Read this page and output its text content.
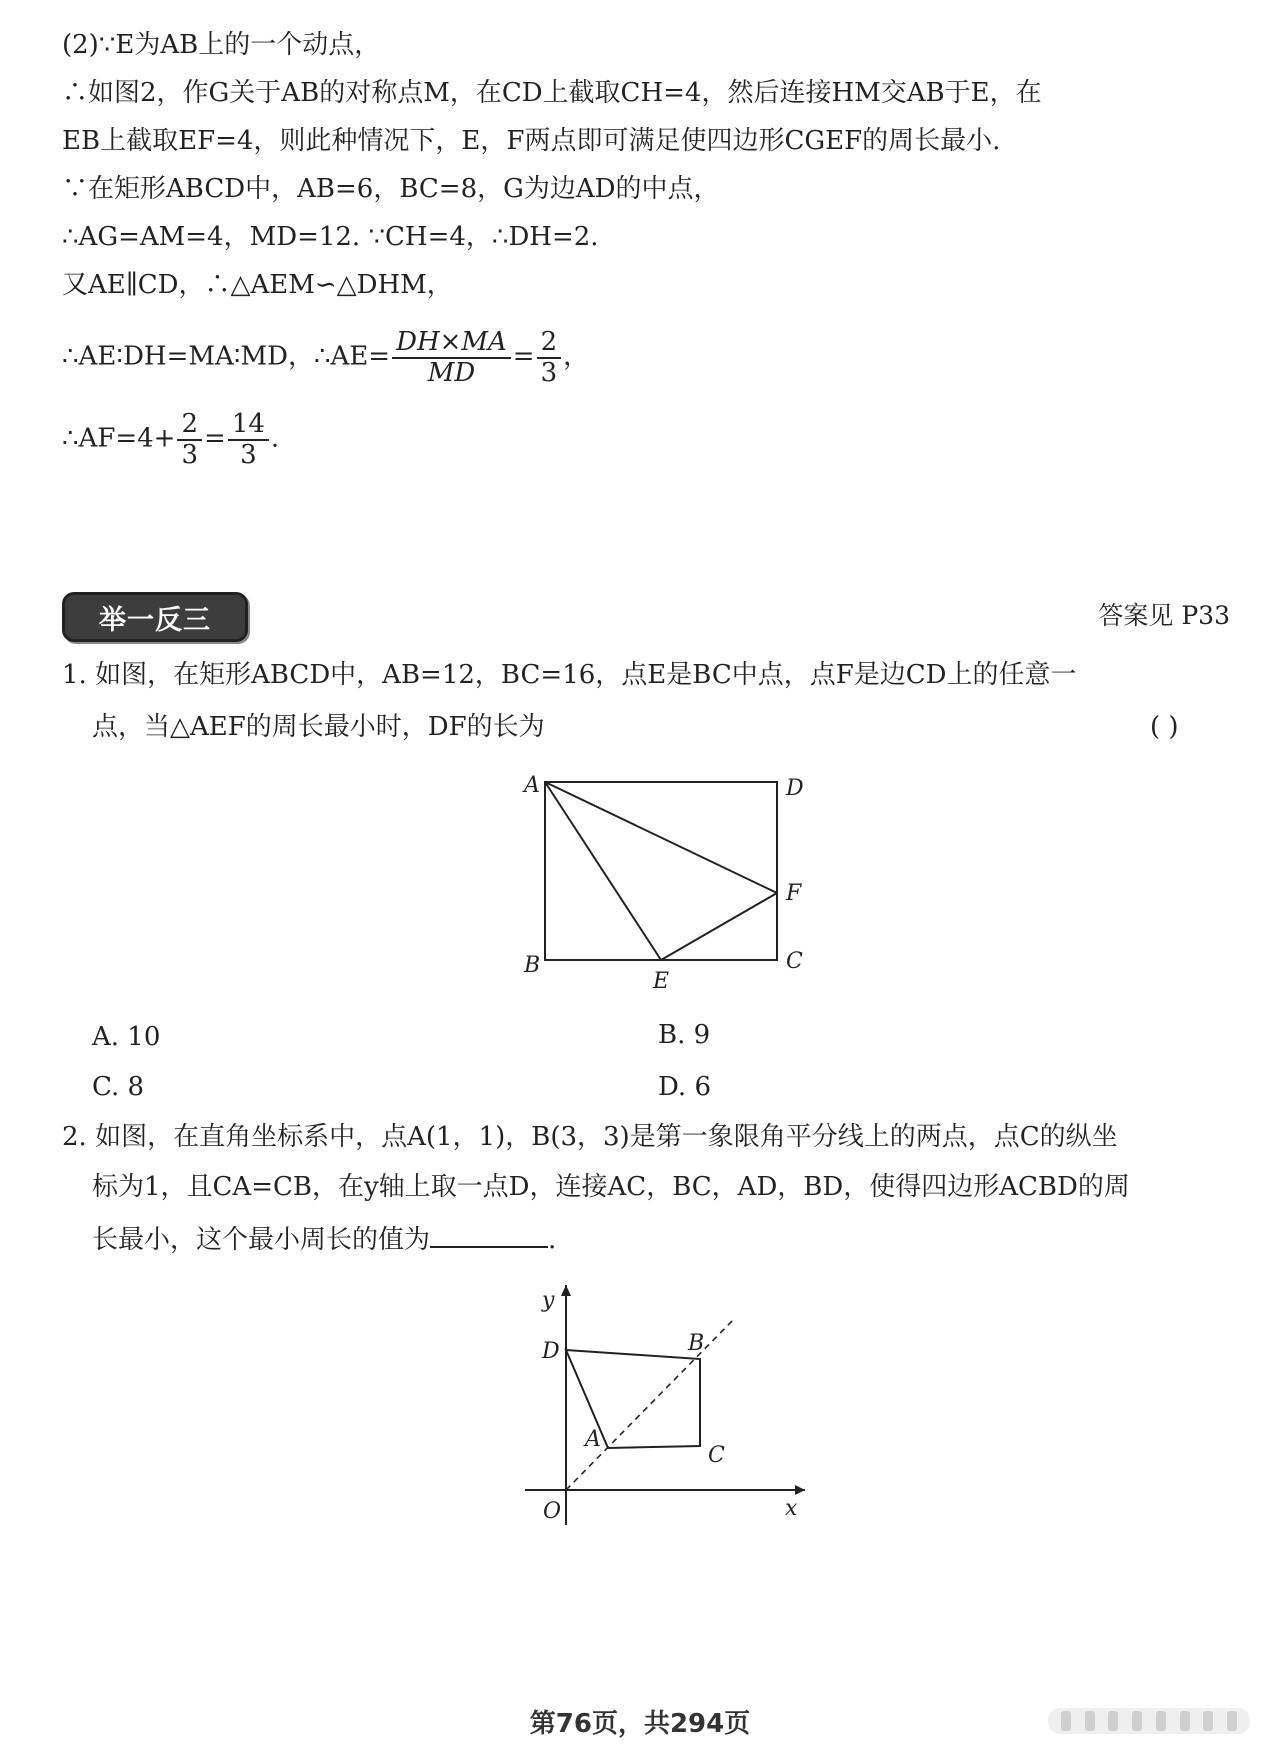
(2)∵E为AB上的一个动点，
∴如图2，作G关于AB的对称点M，在CD上截取CH=4，然后连接HM交AB于E，在
EB上截取EF=4，则此种情况下，E，F两点即可满足使四边形CGEF的周长最小.
∵在矩形ABCD中，AB=6，BC=8，G为边AD的中点，
∴AG=AM=4，MD=12. ∵CH=4，∴DH=2.
又AE∥CD，∴△AEM∽△DHM，
∴AE∶DH=MA∶MD，∴AE= $\frac{DH\times MA}{MD} = \frac{2}{3}$ ，
∴AF=4+ $\frac{2}{3} = \frac{14}{3}$ .
举一反三	答案见 P33
1. 如图，在矩形ABCD中，AB=12，BC=16，点E是BC中点，点F是边CD上的任意一
点，当△AEF的周长最小时，DF的长为	( )
A	D
F
B	C
E
y
x
O
D	B
A
C
A. 10	B. 9
C. 8	D. 6
2. 如图，在直角坐标系中，点A(1，1)，B(3，3)是第一象限角平分线上的两点，点C的纵坐
标为1，且CA=CB，在y轴上取一点D，连接AC，BC，AD，BD，使得四边形ACBD的周
长最小，这个最小周长的值为	.
第76页，共294页
